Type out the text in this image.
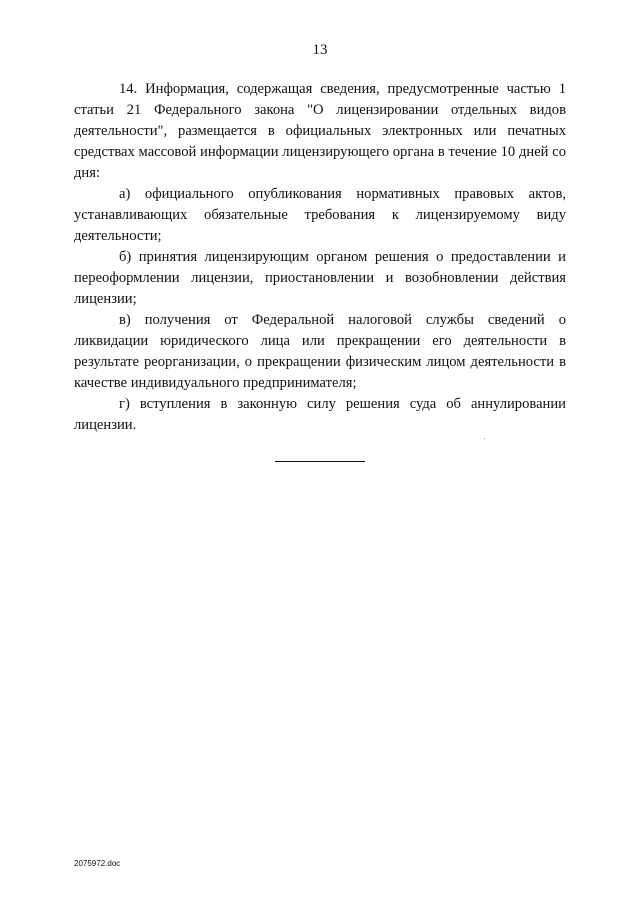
13

14. Информация, содержащая сведения, предусмотренные частью 1 статьи 21 Федерального закона "О лицензировании отдельных видов деятельности", размещается в официальных электронных или печатных средствах массовой информации лицензирующего органа в течение 10 дней со дня:

а) официального опубликования нормативных правовых актов, устанавливающих обязательные требования к лицензируемому виду деятельности;

б) принятия лицензирующим органом решения о предоставлении и переоформлении лицензии, приостановлении и возобновлении действия лицензии;

в) получения от Федеральной налоговой службы сведений о ликвидации юридического лица или прекращении его деятельности в результате реорганизации, о прекращении физическим лицом деятельности в качестве индивидуального предпринимателя;

г) вступления в законную силу решения суда об аннулировании лицензии.

2075972.doc
